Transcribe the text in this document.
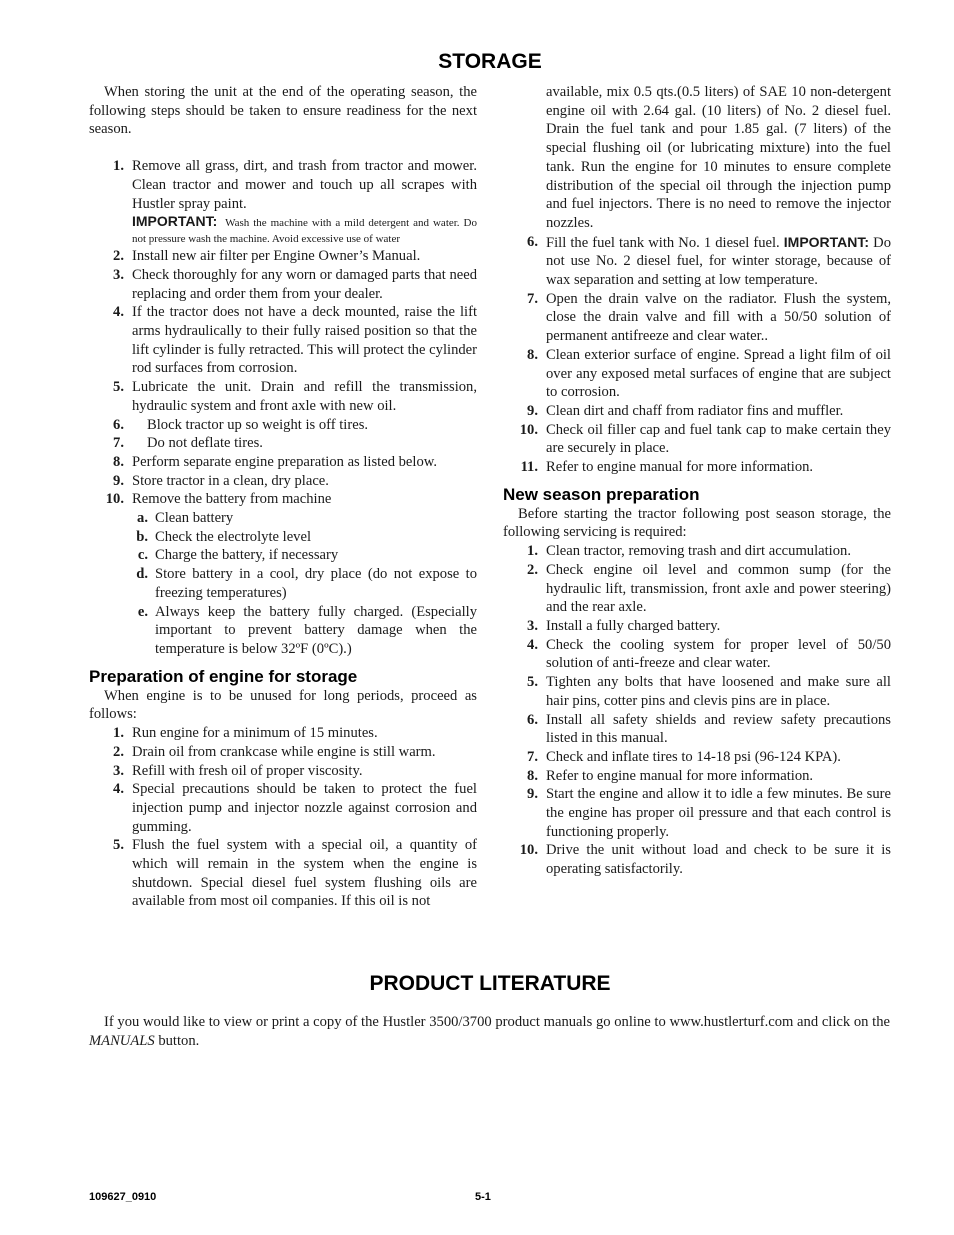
STORAGE

When storing the unit at the end of the operating season, the following steps should be taken to ensure readiness for the next season.

1. Remove all grass, dirt, and trash from tractor and mower. Clean tractor and mower and touch up all scrapes with Hustler spray paint.
IMPORTANT: Wash the machine with a mild detergent and water. Do not pressure wash the machine. Avoid excessive use of water
2. Install new air filter per Engine Owner’s Manual.
3. Check thoroughly for any worn or damaged parts that need replacing and order them from your dealer.
4. If the tractor does not have a deck mounted, raise the lift arms hydraulically to their fully raised position so that the lift cylinder is fully retracted. This will protect the cylinder rod surfaces from corrosion.
5. Lubricate the unit. Drain and refill the transmission, hydraulic system and front axle with new oil.
6.	Block tractor up so weight is off tires.
7.	Do not deflate tires.
8. Perform separate engine preparation as listed below.
9. Store tractor in a clean, dry place.
10. Remove the battery from machine
a. Clean battery
b. Check the electrolyte level
c. Charge the battery, if necessary
d. Store battery in a cool, dry place (do not expose to freezing temperatures)
e. Always keep the battery fully charged. (Especially important to prevent battery damage when the temperature is below 32ºF (0ºC).)
Preparation of engine for storage

When engine is to be unused for long periods, proceed as follows:

1. Run engine for a minimum of 15 minutes.
2. Drain oil from crankcase while engine is still warm.
3. Refill with fresh oil of proper viscosity.
4. Special precautions should be taken to protect the fuel injection pump and injector nozzle against corrosion and gumming.
5. Flush the fuel system with a special oil, a quantity of which will remain in the system when the engine is shutdown. Special diesel fuel system flushing oils are available from most oil companies. If this oil is not
available, mix 0.5 qts.(0.5 liters) of SAE 10 non-detergent engine oil with 2.64 gal. (10 liters) of No. 2 diesel fuel. Drain the fuel tank and pour 1.85 gal. (7 liters) of the special flushing oil (or lubricating mixture) into the fuel tank. Run the engine for 10 minutes to ensure complete distribution of the special oil through the injection pump and fuel injectors. There is no need to remove the injector nozzles.
6. Fill the fuel tank with No. 1 diesel fuel. IMPORTANT: Do not use No. 2 diesel fuel, for winter storage, because of wax separation and setting at low temperature.
7. Open the drain valve on the radiator. Flush the system, close the drain valve and fill with a 50/50 solution of permanent antifreeze and clear water..
8. Clean exterior surface of engine. Spread a light film of oil over any exposed metal surfaces of engine that are subject to corrosion.
9. Clean dirt and chaff from radiator fins and muffler.
10. Check oil filler cap and fuel tank cap to make certain they are securely in place.
11. Refer to engine manual for more information.
New season preparation

Before starting the tractor following post season storage, the following servicing is required:

1. Clean tractor, removing trash and dirt accumulation.
2. Check engine oil level and common sump (for the hydraulic lift, transmission, front axle and power steering) and the rear axle.
3. Install a fully charged battery.
4. Check the cooling system for proper level of 50/50 solution of anti-freeze and clear water.
5. Tighten any bolts that have loosened and make sure all hair pins, cotter pins and clevis pins are in place.
6. Install all safety shields and review safety precautions listed in this manual.
7. Check and inflate tires to 14-18 psi (96-124 KPA).
8. Refer to engine manual for more information.
9. Start the engine and allow it to idle a few minutes. Be sure the engine has proper oil pressure and that each control is functioning properly.
10. Drive the unit without load and check to be sure it is operating satisfactorily.
PRODUCT LITERATURE

If you would like to view or print a copy of the Hustler 3500/3700 product manuals go online to www.hustlerturf.com and click on the MANUALS button.

109627_0910	5-1
